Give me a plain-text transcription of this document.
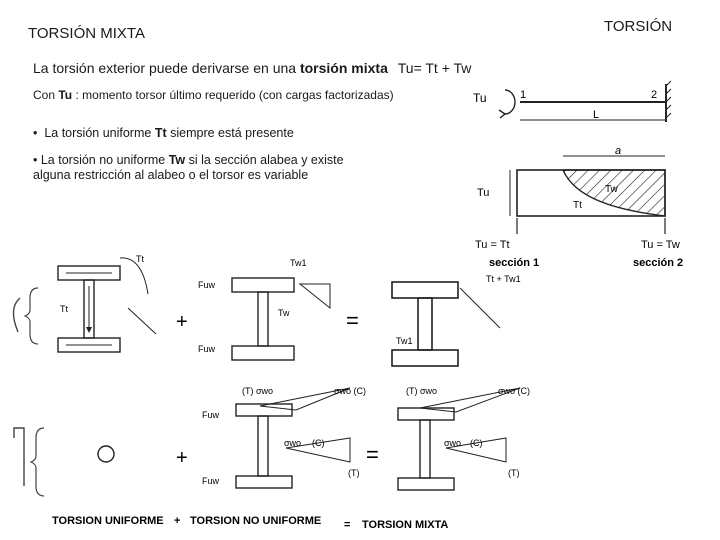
TORSIÓN MIXTA	TORSIÓN
La torsión exterior puede derivarse en una torsión mixta Tu= Tt + Tw
Con Tu : momento torsor último requerido (con cargas factorizadas)
•  La torsión uniforme Tt siempre está presente
• La torsión no uniforme Tw si la sección alabea y existe alguna restricción al alabeo o el torsor es variable
Tu	1	2
L
a
Tu	Tw
Tt
Tu = Tt	Tu = Tw
sección 1	sección 2
Tt
Tt
+
Fuw
Fuw
Tw
Tw1
=
Tt + Tw1
Tw1
+
(T) σwo	σwo (C)
Fuw
Fuw
σwo (C)
(T)
=
(T) σwo	σwo (C)
σwo (C)
(T)
TORSION UNIFORME + TORSION NO UNIFORME = TORSION MIXTA
